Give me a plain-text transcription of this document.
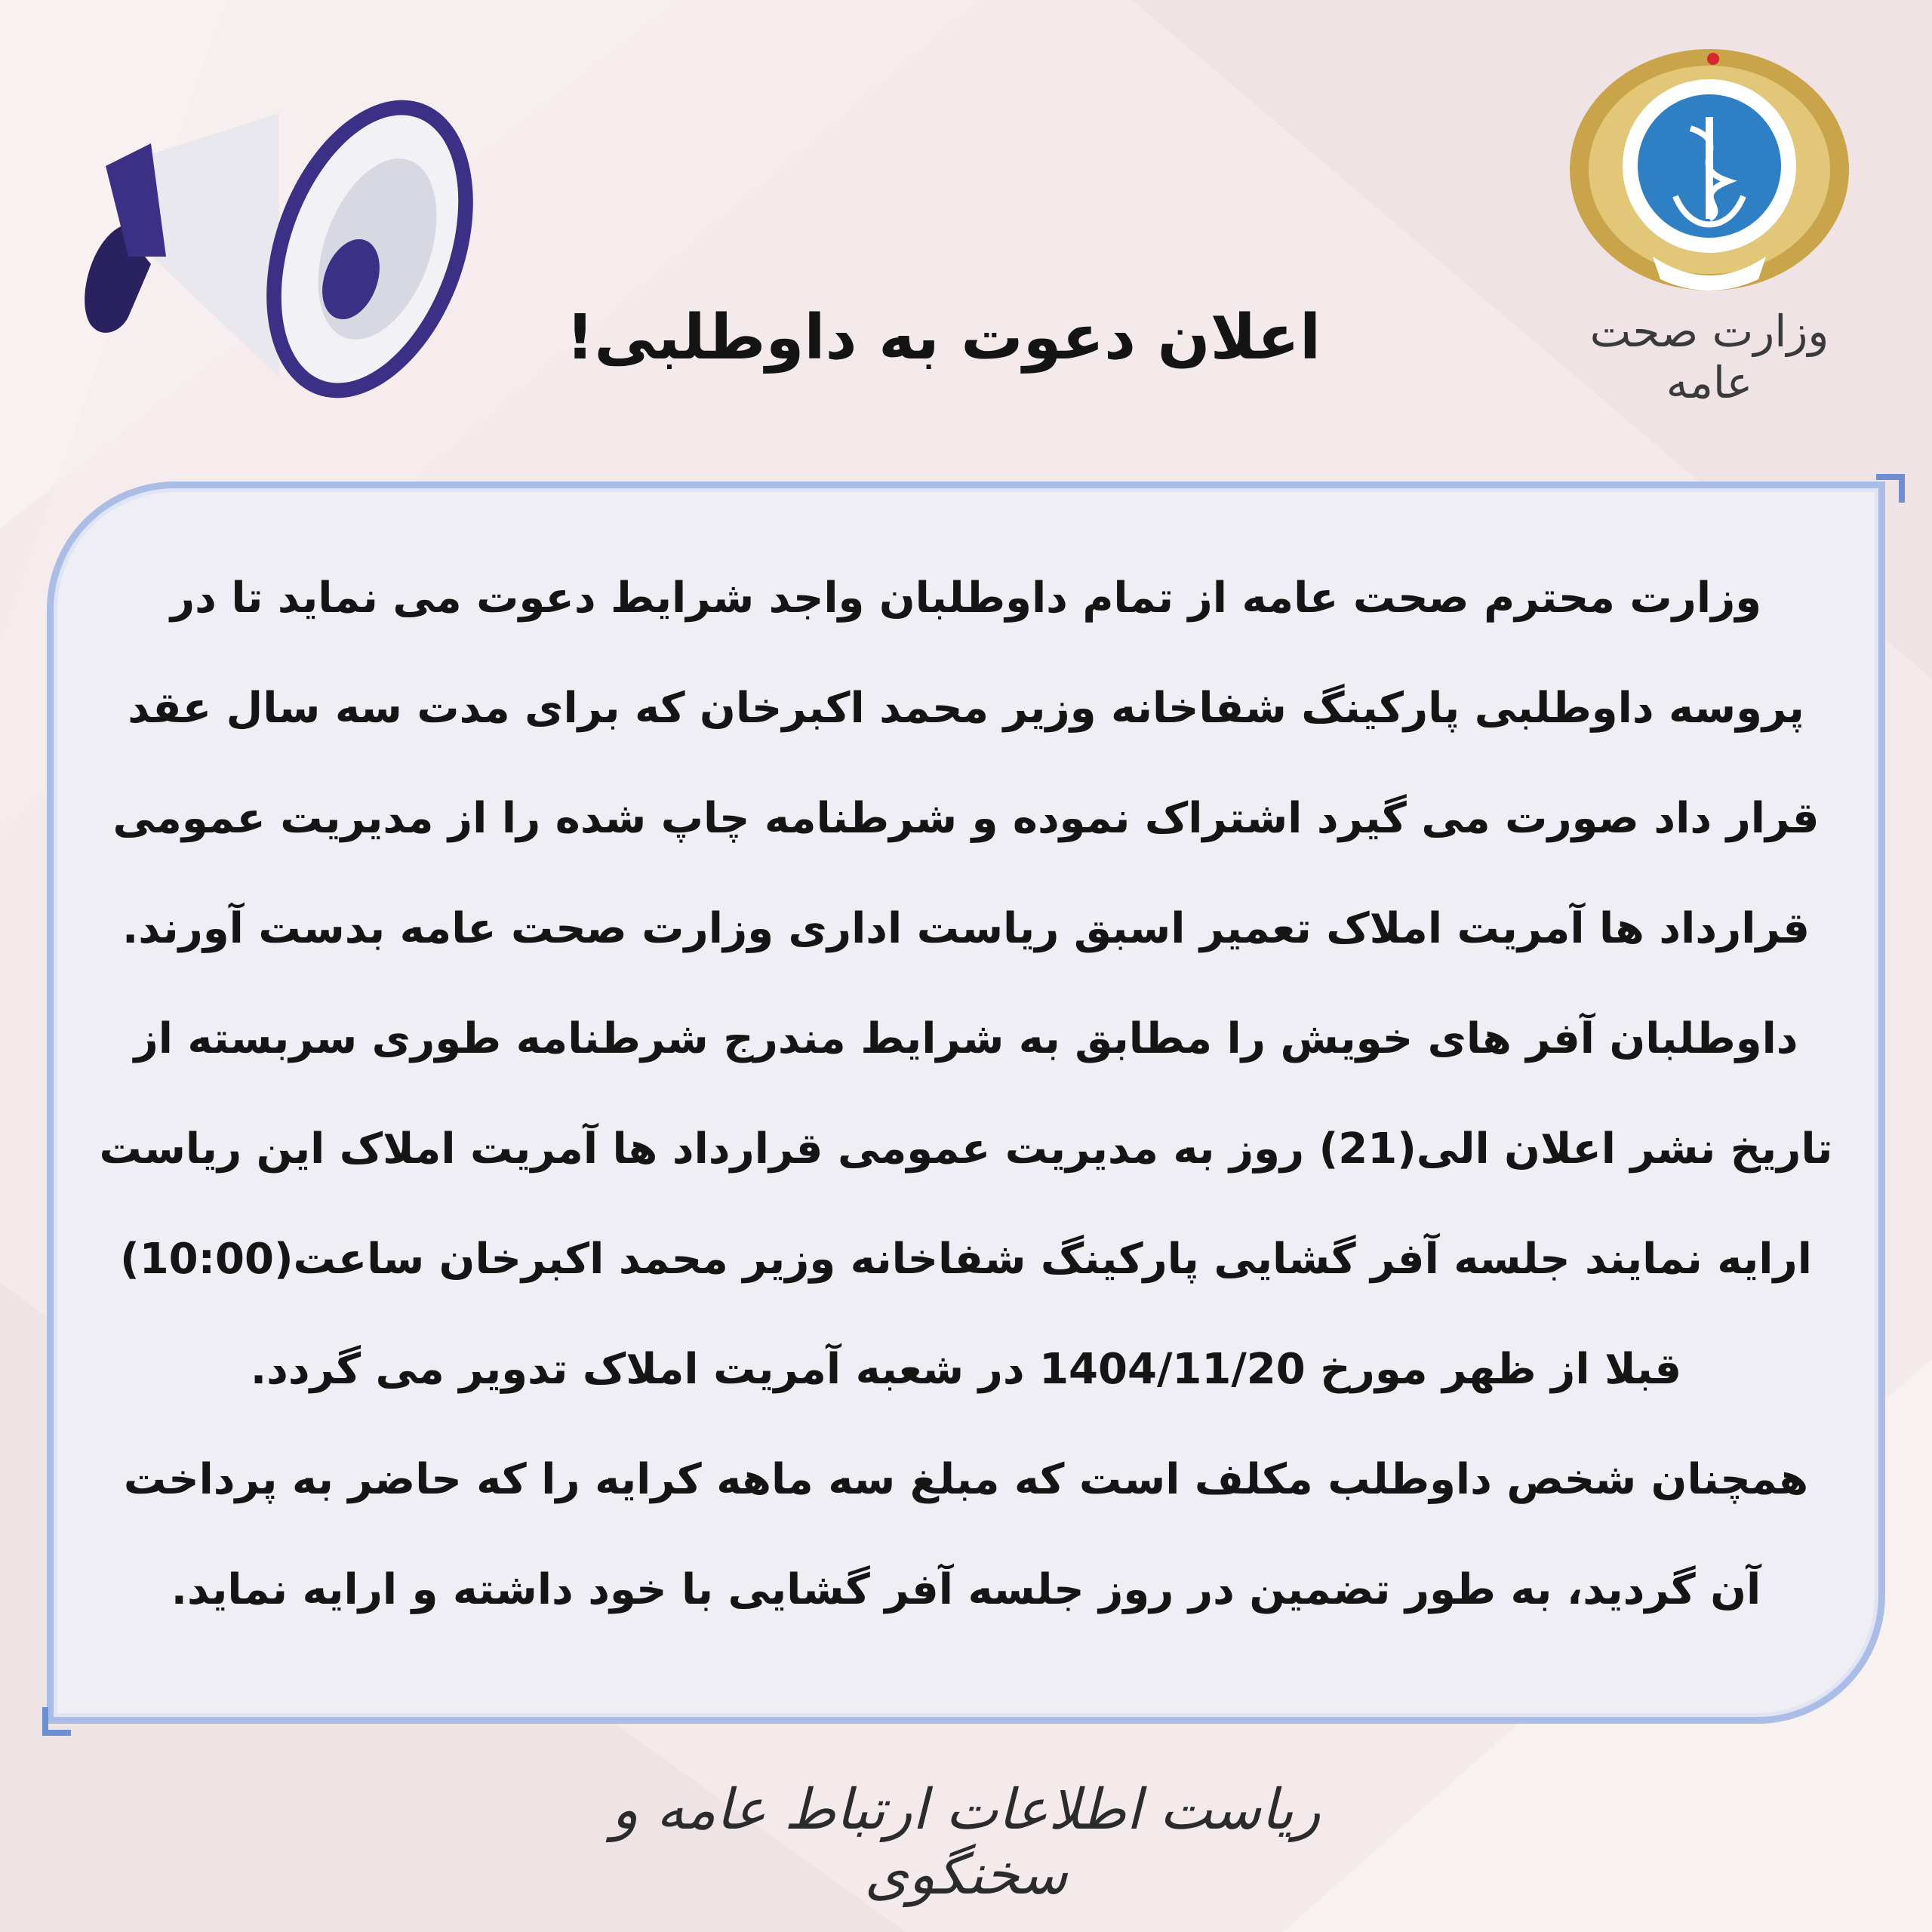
وزارت صحت عامه
اعلان دعوت به داوطلبی!

وزارت محترم صحت عامه از تمام داوطلبان واجد شرایط دعوت می نماید تا در پروسه داوطلبی پارکینگ شفاخانه وزیر محمد اکبرخان که برای مدت سه سال عقد قرار داد صورت می گیرد اشتراک نموده و شرطنامه چاپ شده را از مدیریت عمومی قرارداد ها آمریت املاک تعمیر اسبق ریاست اداری وزارت صحت عامه بدست آورند.

داوطلبان آفر های خویش را مطابق به شرایط مندرج شرطنامه طوری سربسته از تاریخ نشر اعلان الی(21) روز به مدیریت عمومی قرارداد ها آمریت املاک این ریاست ارایه نمایند جلسه آفر گشایی پارکینگ شفاخانه وزیر محمد اکبرخان ساعت(10:00) قبلا از ظهر مورخ 1404/11/20 در شعبه آمریت املاک تدویر می گردد.

همچنان شخص داوطلب مکلف است که مبلغ سه ماهه کرایه را که حاضر به پرداخت آن گردید، به طور تضمین در روز جلسه آفر گشایی با خود داشته و ارایه نماید.

ریاست اطلاعات ارتباط عامه و سخنگوی
